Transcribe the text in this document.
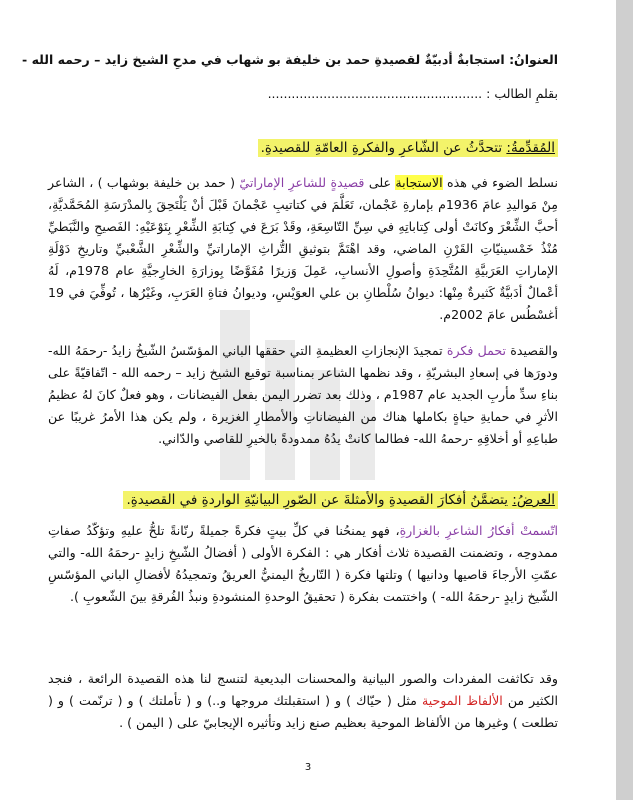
العنوانُ: استجابةٌ أدبيّةٌ لقصيدةِ حمد بن خليفة بو شهاب في مدحِ الشيخ زايد – رحمه الله -
بقلمِ الطالب : ......................................................
المُقدِّمةُ: تتحدَّثُ عن الشّاعرِ والفكرةِ العامّةِ للقصيدةِ.
نسلط الضوء في هذه الاستجابة على قصيدةٍ للشاعرِ الإماراتيّ ( حمد بن خليفة بوشهاب ) ، الشاعر مِنْ مَواليدِ عامَ 1936م بإمارةِ عَجْمان، تَعَلَّمَ في كتاتيبِ عَجْمانَ قَبْلَ أنْ يَلْتَحِقَ بِالمدْرَسَةِ المُحَمَّديَّةِ، أحبَّ الشِّعْرَ وكانَتْ أولى كِتاباتِهِ في سِنِّ التّاسِعَةِ، وقَدْ بَرَعَ في كِتابَةِ الشِّعْرِ بِنَوْعَيْهِ: الفَصيحِ والنَّبَطيِّ مُنْذُ خَمْسينيّاتِ القَرْنِ الماضي، وقد اهْتَمَّ بتوثيقِ التُّراثِ الإماراتيِّ والشِّعْرِ الشَّعْبيِّ وتاريخِ دَوْلَةِ الإماراتِ العَرَبيَّةِ المُتَّحِدَةِ وأصولِ الأنسابِ، عَمِلَ وَزيرًا مُفَوَّضًا بِوزارَةِ الخارِجيَّةِ عام 1978م، لَهُ أعْمالٌ أدَبيَّةٌ كَثيرةٌ مِنْها: ديوانُ سُلْطانِ بن علي العوَيْسِ، وديوانُ فتاةِ العَرَبِ، وغَيْرُها ، تُوفِّيَ في 19 أغسْطُس عامَ 2002م.
والقصيدة تحمل فكرة تمجيدَ الإنجازاتِ العظيمةِ التي حققها الباني المؤسّسُ الشّيخُ زايدُ -رحمَهُ الله- ودورَها في إسعادِ البشريّةِ ، وقد نظمها الشاعر بمناسبة توقيع الشيخ زايد – رحمه الله - اتّفاقيّةً على بناءِ سدِّ مأربِ الجديد عام 1987م ، وذلك بعد تضرر اليمن بفعل الفيضانات ، وهو فعلٌ كانَ لهُ عظيمُ الأثرِ في حمايةِ حياةٍ بكاملها هناك من الفيضاناتِ والأمطارِ الغزيرة ، ولم يكن هذا الأمرُ غريبًا عن طباعِهِ أو أخلاقِهِ -رحمهُ الله- فطالما كانتْ يدُهُ ممدودةً بالخيرِ للقاصي والدّاني.
العرضُ: يتضمَّنُ أفكارَ القصيدةِ والأمثلةَ عن الصّورِ البيانيّةِ الواردةِ في القصيدةِ.
اتّسمتْ أفكارُ الشاعرِ بالغزارةِ، فهو يمنحُنا في كلِّ بيتٍ فكرةً جميلةً رنّانةً تلحُّ عليهِ وتؤكّدُ صفاتِ ممدوحِه ، وتضمنت القصيدة ثلاث أفكار هي : الفكرة الأولى ( أفضالُ الشّيخِ زايدٍ -رحمَهُ الله- والتي عمّتِ الأرجاءَ قاصيها ودانيها ) وتلتها فكرة ( التّاريخُ اليمنيُّ العريقُ وتمجيدُهُ لأفضالِ الباني المؤسّسِ الشّيخ زايدٍ -رحمَهُ الله- ) واختتمت بفكرة ( تحقيقُ الوحدةِ المنشودةِ ونبذُ الفُرقةِ بينَ الشّعوبِ ).
وقد تكاثفت المفردات والصور البيانية والمحسنات البديعية لتنسج لنا هذه القصيدة الرائعة ، فنجد الكثير من الألفاظ الموحية مثل ( حيّاك ) و ( استقبلتك مروجها و..) و ( تأملتك ) و ( ترنّمت ) و ( تطلعت ) وغيرها من الألفاظ الموحية بعظيم صنع زايد وتأثيره الإيجابيّ على ( اليمن ) .
3
